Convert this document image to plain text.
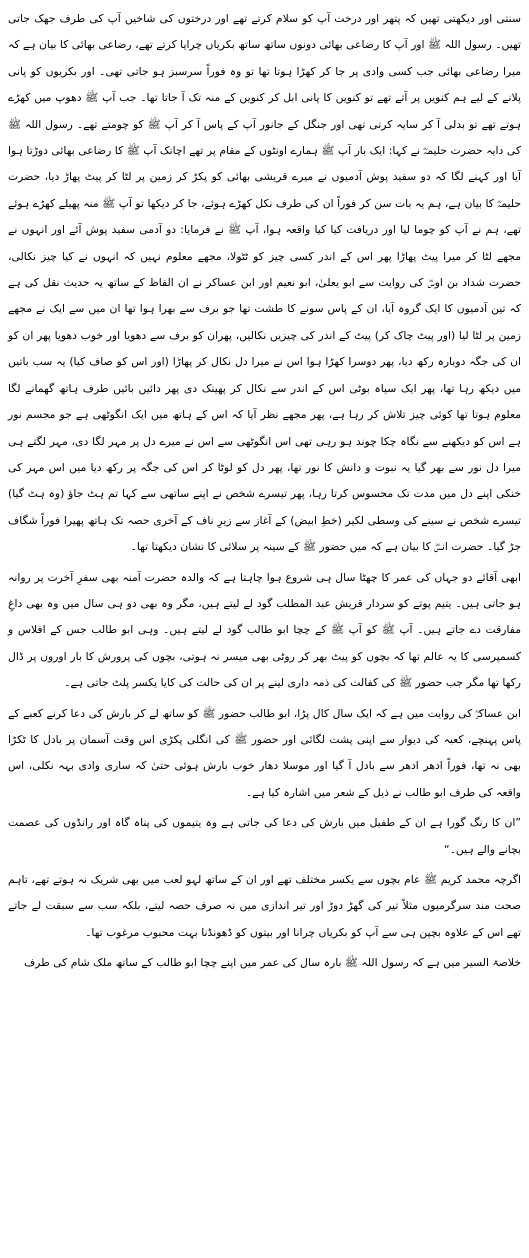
سنتی اور دیکھتی تھیں کہ پتھر اور درخت آپ کو سلام کرتے تھے اور درختوں کی شاخیں آپ کی طرف جھک جاتی تھیں۔ رسول اللہ ﷺ اور آپ کا رضاعی بھائی دونوں ساتھ ساتھ بکریاں چرایا کرتے تھے، رضاعی بھائی کا بیان ہے کہ میرا رضاعی بھائی جب کسی وادی پر جا کر کھڑا ہوتا تھا تو وہ فوراً سرسبز ہو جاتی تھی۔ اور بکریوں کو پانی پلانے کے لیے ہم کنویں پر آتے تھے تو کنویں کا پانی ابل کر کنویں کے منہ تک آ جاتا تھا۔ جب آپ ﷺ دھوپ میں کھڑے ہوتے تھے تو بدلی آ کر سایہ کرتی تھی اور جنگل کے جانور آپ کے پاس آ کر آپ ﷺ کو چومتے تھے۔ رسول اللہ ﷺ کی دایہ حضرت حلیمہؓ نے کہا: ایک بار آپ ﷺ ہمارے اونٹوں کے مقام پر تھے اچانک آپ ﷺ کا رضاعی بھائی دوڑتا ہوا آیا اور کہنے لگا کہ دو سفید پوش آدمیوں نے میرے قریشی بھائی کو پکڑ کر زمین پر لٹا کر پیٹ پھاڑ دیا، حضرت حلیمہؓ کا بیان ہے، ہم یہ بات سن کر فوراً ان کی طرف نکل کھڑے ہوئے، جا کر دیکھا تو آپ ﷺ منہ پھیلے کھڑے ہوئے تھے، ہم نے آپ کو چوما لیا اور دریافت کیا کیا واقعہ ہوا، آپ ﷺ نے فرمایا: دو آدمی سفید پوش آئے اور انہوں نے مجھے لٹا کر میرا پیٹ پھاڑا پھر اس کے اندر کسی چیز کو ٹٹولا، مجھے معلوم نہیں کہ انہوں نے کیا چیز نکالی، حضرت شداد بن اوسؓ کی روایت سے ابو یعلیٰ، ابو نعیم اور ابن عساکر نے ان الفاظ کے ساتھ یہ حدیث نقل کی ہے کہ تین آدمیوں کا ایک گروہ آیا، ان کے پاس سونے کا طشت تھا جو برف سے بھرا ہوا تھا ان میں سے ایک نے مجھے زمین پر لٹا لیا (اور پیٹ چاک کر) پیٹ کے اندر کی چیزیں نکالیں، پھران کو برف سے دھویا اور خوب دھویا پھر ان کو ان کی جگہ دوبارہ رکھ دیا، پھر دوسرا کھڑا ہوا اس نے میرا دل نکال کر پھاڑا (اور اس کو صاف کیا) یہ سب باتیں میں دیکھ رہا تھا، پھر ایک سیاہ بوٹی اس کے اندر سے نکال کر پھینک دی پھر دائیں بائیں طرف ہاتھ گھمانے لگا معلوم ہوتا تھا کوئی چیز تلاش کر رہا ہے، پھر مجھے نظر آیا کہ اس کے ہاتھ میں ایک انگوٹھی ہے جو مجسم نور ہے اس کو دیکھنے سے نگاہ چکا چوند ہو رہی تھی اس انگوٹھی سے اس نے میرے دل پر مہر لگا دی، مہر لگتے ہی میرا دل نور سے بھر گیا یہ نبوت و دانش کا نور تھا، پھر دل کو لوٹا کر اس کی جگہ پر رکھ دیا میں اس مہر کی خنکی اپنے دل میں مدت تک محسوس کرتا رہا، پھر تیسرے شخص نے اپنے ساتھی سے کہا تم ہٹ جاؤ (وہ ہٹ گیا) تیسرے شخص نے سینے کی وسطی لکیر (خطِ ابیض) کے آغاز سے زیرِ ناف کے آخری حصہ تک ہاتھ پھیرا فوراً شگاف جڑ گیا۔ حضرت انسؓ کا بیان ہے کہ میں حضور ﷺ کے سینہ پر سلائی کا نشان دیکھتا تھا۔

ابھی آقائے دو جہاں کی عمر کا چھٹا سال ہی شروع ہوا چاہتا ہے کہ والدہ حضرت آمنہ بھی سفرِ آخرت پر روانہ ہو جاتی ہیں۔ یتیم پوتے کو سردار قریش عبد المطلب گود لے لیتے ہیں، مگر وہ بھی دو ہی سال میں وہ بھی داغِ مفارقت دے جاتے ہیں۔ آپ ﷺ کو آپ ﷺ کے چچا ابو طالب گود لے لیتے ہیں۔ وہی ابو طالب جس کے افلاس و کسمپرسی کا یہ عالم تھا کہ بچوں کو پیٹ بھر کر روٹی بھی میسر نہ ہوتی، بچوں کی پرورش کا بار اوروں پر ڈال رکھا تھا مگر جب حضور ﷺ کی کفالت کی ذمہ داری لینے پر ان کی حالت کی کایا یکسر پلٹ جاتی ہے۔

ابن عساکرؒ کی روایت میں ہے کہ ایک سال کال پڑا، ابو طالب حضور ﷺ کو ساتھ لے کر بارش کی دعا کرنے کعبے کے پاس پہنچے، کعبہ کی دیوار سے اپنی پشت لگائی اور حضور ﷺ کی انگلی پکڑی اس وقت آسمان پر بادل کا ٹکڑا بھی نہ تھا، فوراً ادھر ادھر سے بادل آ گیا اور موسلا دھار خوب بارش ہوئی حتیٰ کہ ساری وادی بہہ نکلی، اس واقعہ کی طرف ابو طالب نے ذیل کے شعر میں اشارہ کیا ہے۔

”ان کا رنگ گورا ہے ان کے طفیل میں بارش کی دعا کی جاتی ہے وہ یتیموں کی پناہ گاہ اور رانڈوں کی عصمت بچانے والے ہیں۔“

اگرچہ محمد کریم ﷺ عام بچوں سے یکسر مختلف تھے اور ان کے ساتھ لہو لعب میں بھی شریک نہ ہوتے تھے، تاہم صحت مند سرگرمیوں مثلاً تیر کی گھڑ دوڑ اور تیر اندازی میں نہ صرف حصہ لیتے، بلکہ سب سے سبقت لے جاتے تھے اس کے علاوہ بچپن ہی سے آپ کو بکریاں چرانا اور بیتوں کو ڈھونڈنا بہت محبوب مرغوب تھا۔

خلاصۃ السیر میں ہے کہ رسول اللہ ﷺ بارہ سال کی عمر میں اپنے چچا ابو طالب کے ساتھ ملک شام کی طرف
